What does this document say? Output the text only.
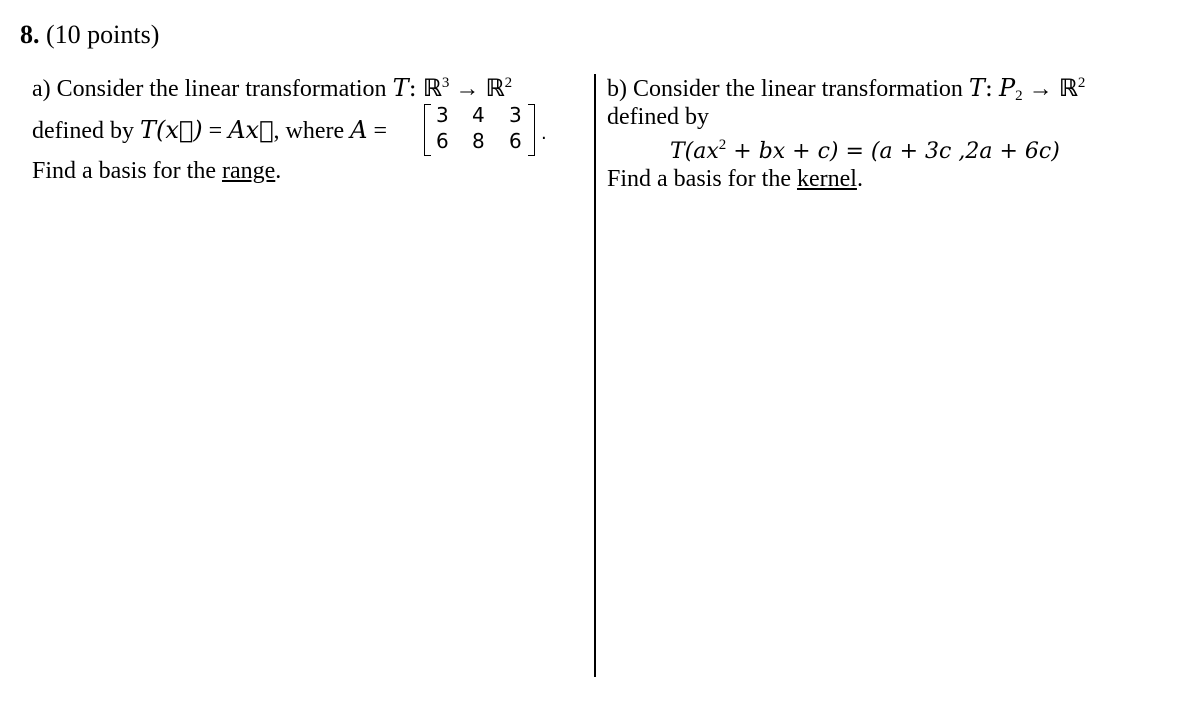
8. (10 points)
a) Consider the linear transformation T: ℝ$^3$ → ℝ$^2$
defined by T(x⃗) = Ax⃗, where A =
3 4 3
6 8 6 .
Find a basis for the range.
b) Consider the linear transformation T: $P_2$ → ℝ$^2$
defined by
$T(ax^2$ + bx + c) = (a + 3c ,2a + 6c)
Find a basis for the kernel.
